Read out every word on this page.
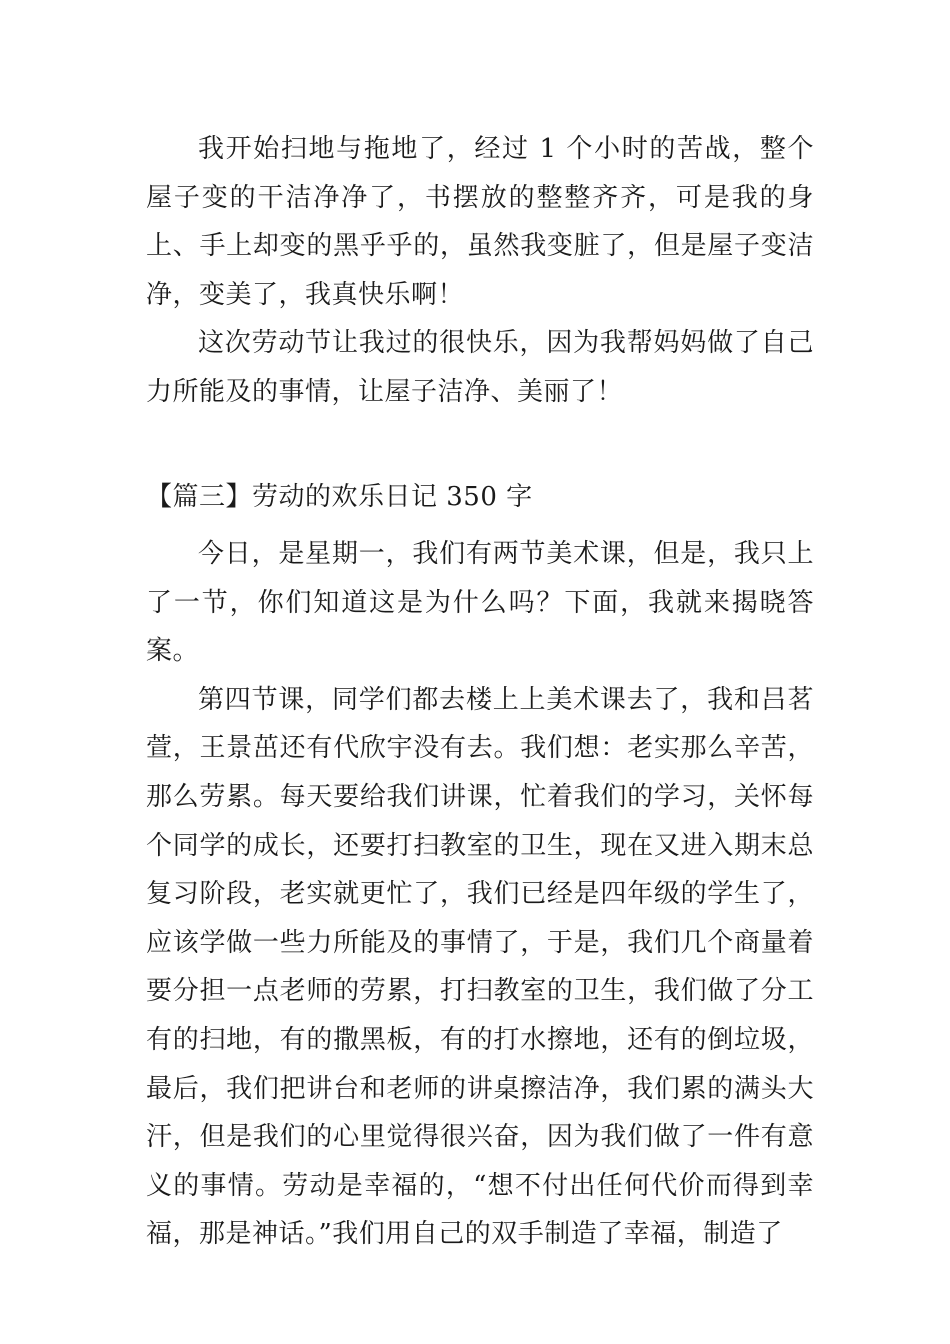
我开始扫地与拖地了，经过 1 个小时的苦战，整个屋子变的干洁净净了，书摆放的整整齐齐，可是我的身上、手上却变的黑乎乎的，虽然我变脏了，但是屋子变洁净，变美了，我真快乐啊！

这次劳动节让我过的很快乐，因为我帮妈妈做了自己力所能及的事情，让屋子洁净、美丽了！

【篇三】劳动的欢乐日记 350 字

今日，是星期一，我们有两节美术课，但是，我只上了一节，你们知道这是为什么吗？下面，我就来揭晓答案。

第四节课，同学们都去楼上上美术课去了，我和吕茗萱，王景茁还有代欣宇没有去。我们想：老实那么辛苦，那么劳累。每天要给我们讲课，忙着我们的学习，关怀每个同学的成长，还要打扫教室的卫生，现在又进入期末总复习阶段，老实就更忙了，我们已经是四年级的学生了，应该学做一些力所能及的事情了，于是，我们几个商量着要分担一点老师的劳累，打扫教室的卫生，我们做了分工有的扫地，有的撒黑板，有的打水擦地，还有的倒垃圾，最后，我们把讲台和老师的讲桌擦洁净，我们累的满头大汗，但是我们的心里觉得很兴奋，因为我们做了一件有意义的事情。劳动是幸福的，“想不付出任何代价而得到幸福，那是神话。”我们用自己的双手制造了幸福，制造了
